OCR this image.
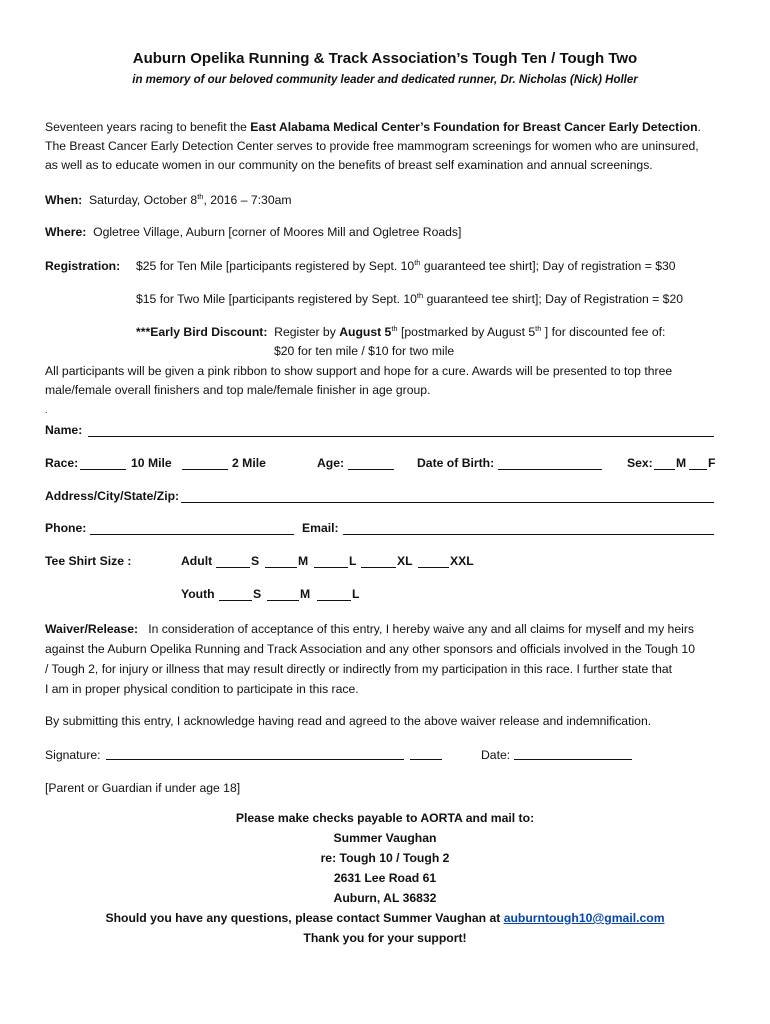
Auburn Opelika Running & Track Association’s Tough Ten / Tough Two
in memory of our beloved community leader and dedicated runner, Dr. Nicholas (Nick) Holler
Seventeen years racing to benefit the East Alabama Medical Center’s Foundation for Breast Cancer Early Detection.
The Breast Cancer Early Detection Center serves to provide free mammogram screenings for women who are uninsured,
as well as to educate women in our community on the benefits of breast self examination and annual screenings.
When: Saturday, October 8th, 2016 – 7:30am
Where: Ogletree Village, Auburn [corner of Moores Mill and Ogletree Roads]
Registration: $25 for Ten Mile [participants registered by Sept. 10th guaranteed tee shirt]; Day of registration = $30
$15 for Two Mile [participants registered by Sept. 10th guaranteed tee shirt]; Day of Registration = $20
***Early Bird Discount:  Register by August 5th [postmarked by August 5th ] for discounted fee of:
$20 for ten mile / $10 for two mile
All participants will be given a pink ribbon to show support and hope for a cure. Awards will be presented to top three
male/female overall finishers and top male/female finisher in age group.
.
Name:
Race:	10 Mile	2 Mile	Age:	Date of Birth:	Sex: M F
Address/City/State/Zip:
Phone:	Email:
Tee Shirt Size :	Adult	S	M	L	XL	XXL
Youth	S	M	L
Waiver/Release:   In consideration of acceptance of this entry, I hereby waive any and all claims for myself and my heirs
against the Auburn Opelika Running and Track Association and any other sponsors and officials involved in the Tough 10
/ Tough 2, for injury or illness that may result directly or indirectly from my participation in this race. I further state that
I am in proper physical condition to participate in this race.
By submitting this entry, I acknowledge having read and agreed to the above waiver release and indemnification.
Signature:	Date:
[Parent or Guardian if under age 18]
Please make checks payable to AORTA and mail to:
Summer Vaughan
re: Tough 10 / Tough 2
2631 Lee Road 61
Auburn, AL 36832
Should you have any questions, please contact Summer Vaughan at auburntough10@gmail.com
Thank you for your support!
